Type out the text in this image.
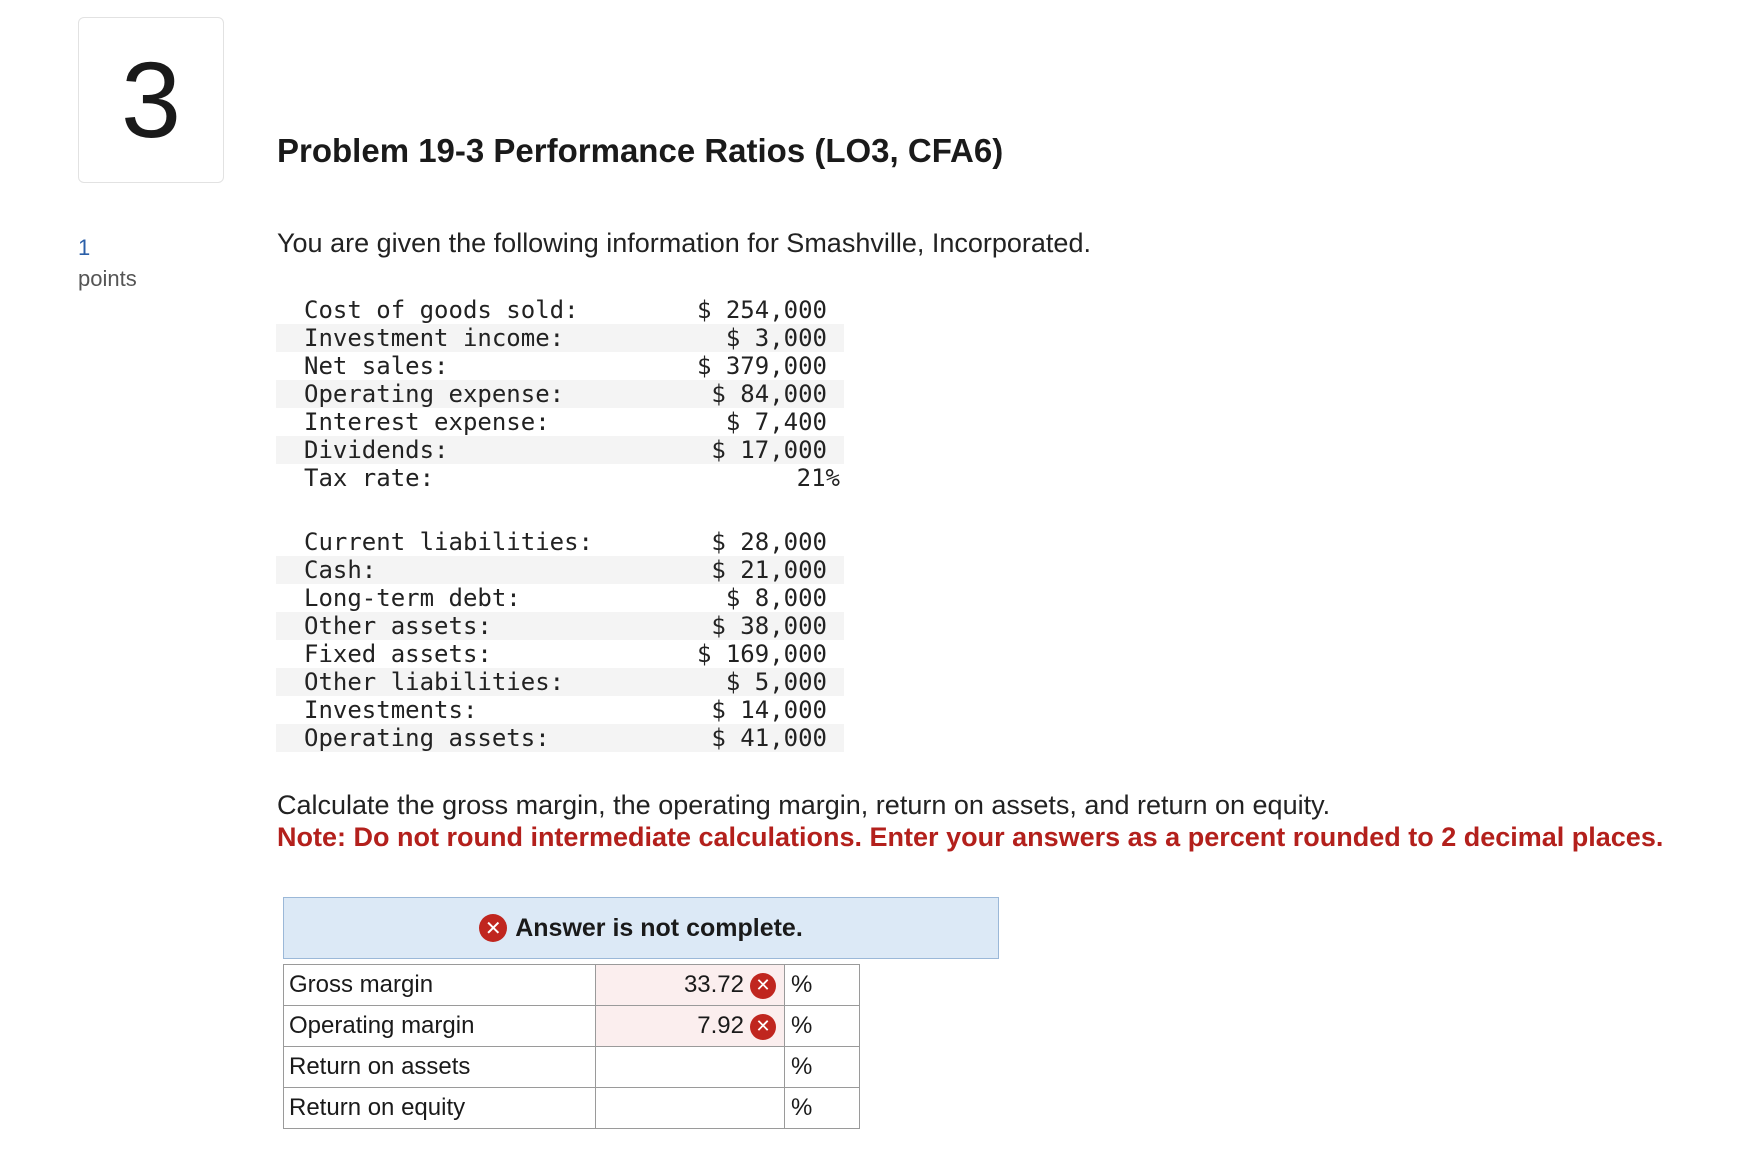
3	Problem 19-3 Performance Ratios (LO3, CFA6)
1
points
You are given the following information for Smashville, Incorporated.
Cost of goods sold:	$ 254,000
Investment income:	$ 3,000
Net sales:	$ 379,000
Operating expense:	$ 84,000
Interest expense:	$ 7,400
Dividends:	$ 17,000
Tax rate:	21%
Current liabilities:	$ 28,000
Cash:	$ 21,000
Long-term debt:	$ 8,000
Other assets:	$ 38,000
Fixed assets:	$ 169,000
Other liabilities:	$ 5,000
Investments:	$ 14,000
Operating assets:	$ 41,000
Calculate the gross margin, the operating margin, return on assets, and return on equity.
Note: Do not round intermediate calculations. Enter your answers as a percent rounded to 2 decimal places.
✕ Answer is not complete.
Gross margin	33.72 ✕	%
Operating margin	7.92 ✕	%
Return on assets		%
Return on equity		%
